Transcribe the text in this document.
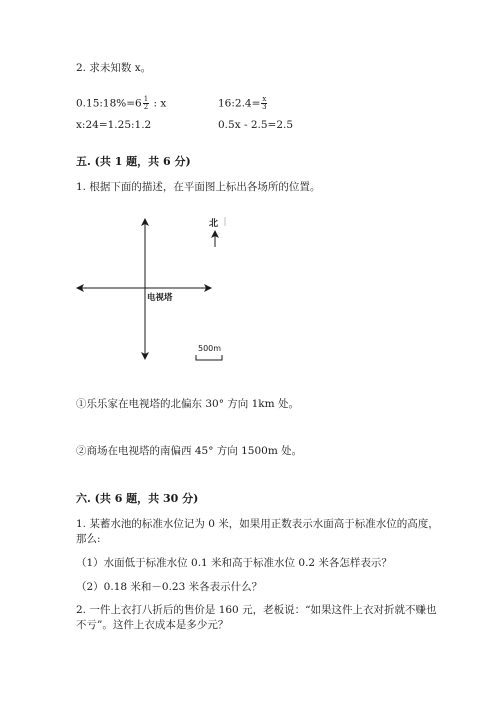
2. 求未知数 x。
0.15:18%=6 $\frac{1}{2}$ : x	16:2.4= $\frac{x}{3}$
x:24=1.25:1.2	0.5x - 2.5=2.5
五. (共 1 题，共 6 分)
1. 根据下面的描述，在平面图上标出各场所的位置。
北
电视塔
500m
①乐乐家在电视塔的北偏东 30° 方向 1km 处。
②商场在电视塔的南偏西 45° 方向 1500m 处。
六. (共 6 题，共 30 分)
1. 某蓄水池的标准水位记为 0 米，如果用正数表示水面高于标准水位的高度，
那么:
（1）水面低于标准水位 0.1 米和高于标准水位 0.2 米各怎样表示？
（2）0.18 米和－0.23 米各表示什么？
2. 一件上衣打八折后的售价是 160 元，老板说：“如果这件上衣对折就不赚也
不亏”。这件上衣成本是多少元？
